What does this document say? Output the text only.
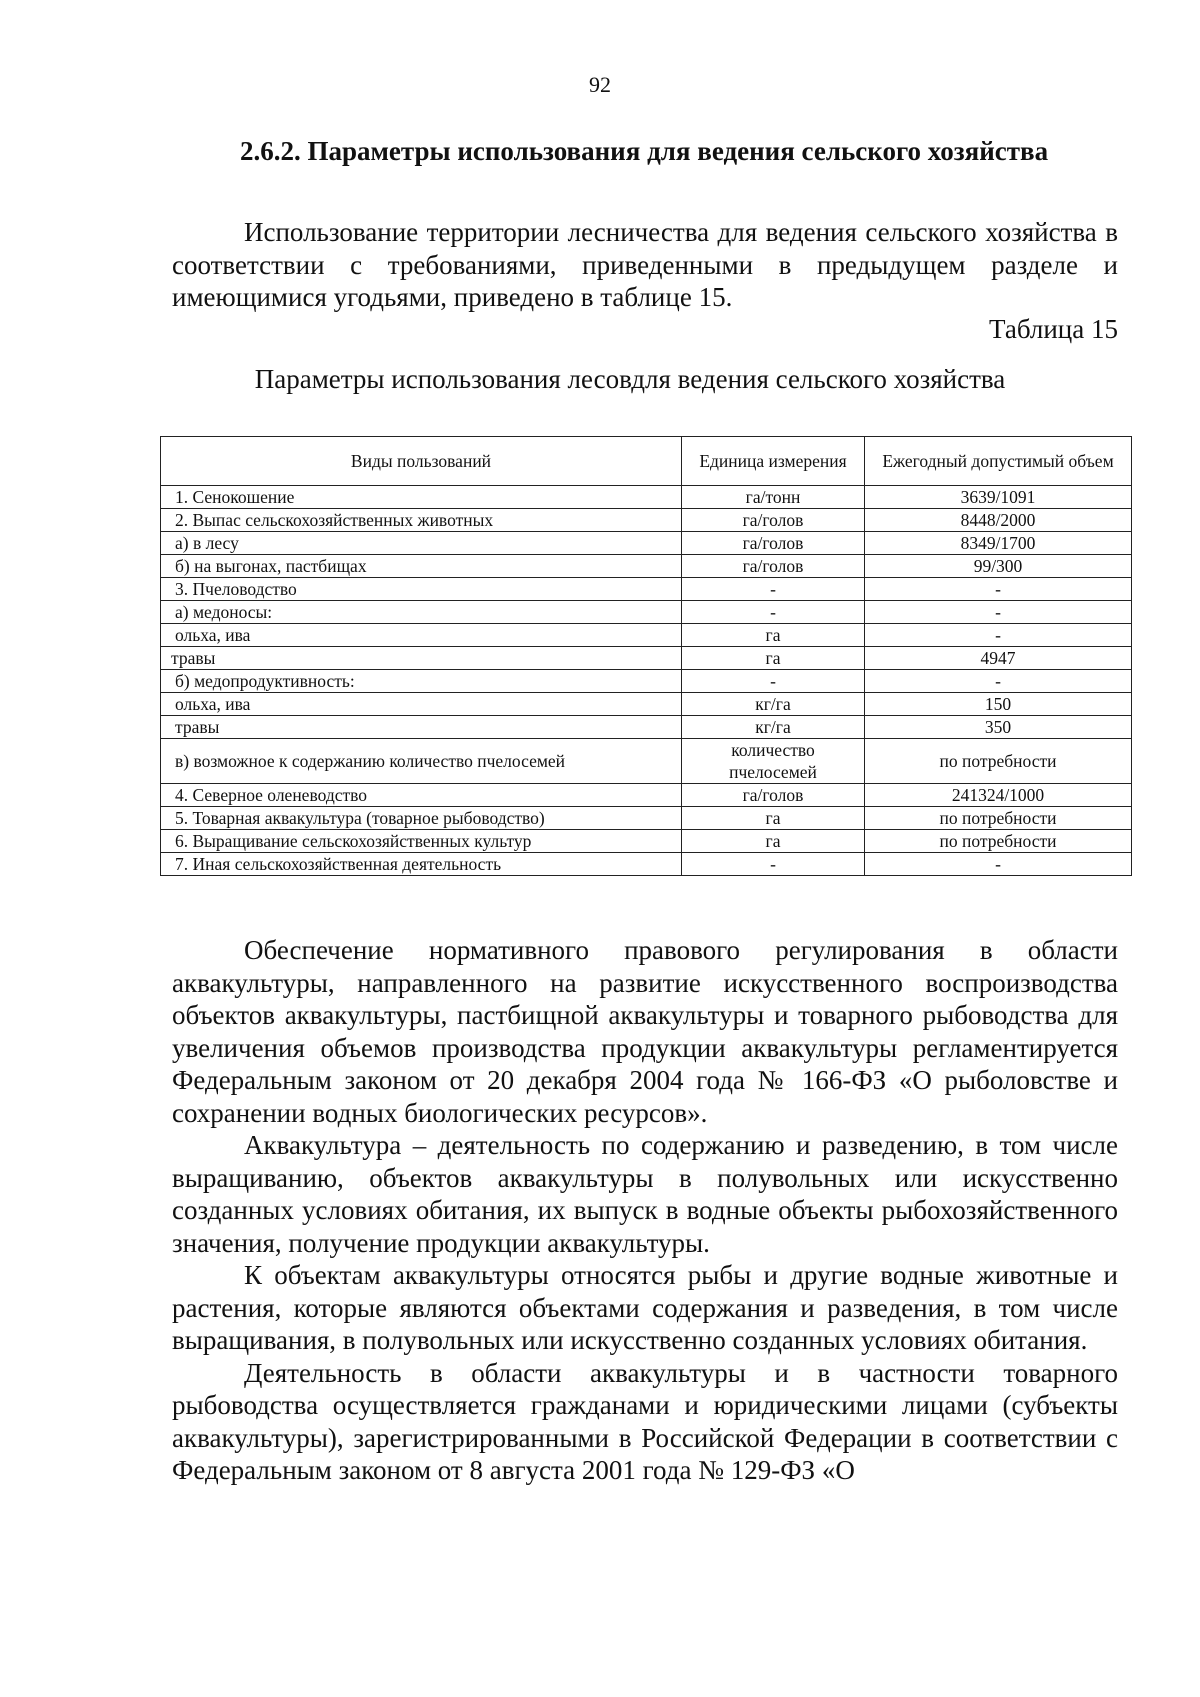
92
2.6.2. Параметры использования для ведения сельского хозяйства

Использование территории лесничества для ведения сельского хозяйства в соответствии с требованиями, приведенными в предыдущем разделе и имеющимися угодьями, приведено в таблице 15.

Таблица 15
Параметры использования лесовдля ведения сельского хозяйства
Виды пользований	Единица измерения	Ежегодный допустимый объем
1. Сенокошение	га/тонн	3639/1091
2. Выпас сельскохозяйственных животных	га/голов	8448/2000
а) в лесу	га/голов	8349/1700
б) на выгонах, пастбищах	га/голов	99/300
3. Пчеловодство	-	-
а) медоносы:	-	-
ольха, ива	га	-
травы	га	4947
б) медопродуктивность:	-	-
ольха, ива	кг/га	150
травы	кг/га	350
в) возможное к содержанию количество пчелосемей	количество пчелосемей	по потребности
4. Северное оленеводство	га/голов	241324/1000
5. Товарная аквакультура (товарное рыбоводство)	га	по потребности
6. Выращивание сельскохозяйственных культур	га	по потребности
7. Иная сельскохозяйственная деятельность	-	-

Обеспечение нормативного правового регулирования в области аквакультуры, направленного на развитие искусственного воспроизводства объектов аквакультуры, пастбищной аквакультуры и товарного рыбоводства для увеличения объемов производства продукции аквакультуры регламентируется Федеральным законом от 20 декабря 2004 года № 166-ФЗ «О рыболовстве и сохранении водных биологических ресурсов».

Аквакультура – деятельность по содержанию и разведению, в том числе выращиванию, объектов аквакультуры в полувольных или искусственно созданных условиях обитания, их выпуск в водные объекты рыбохозяйственного значения, получение продукции аквакультуры.

К объектам аквакультуры относятся рыбы и другие водные животные и растения, которые являются объектами содержания и разведения, в том числе выращивания, в полувольных или искусственно созданных условиях обитания.

Деятельность в области аквакультуры и в частности товарного рыбоводства осуществляется гражданами и юридическими лицами (субъекты аквакультуры), зарегистрированными в Российской Федерации в соответствии с Федеральным законом от 8 августа 2001 года № 129-ФЗ «О
